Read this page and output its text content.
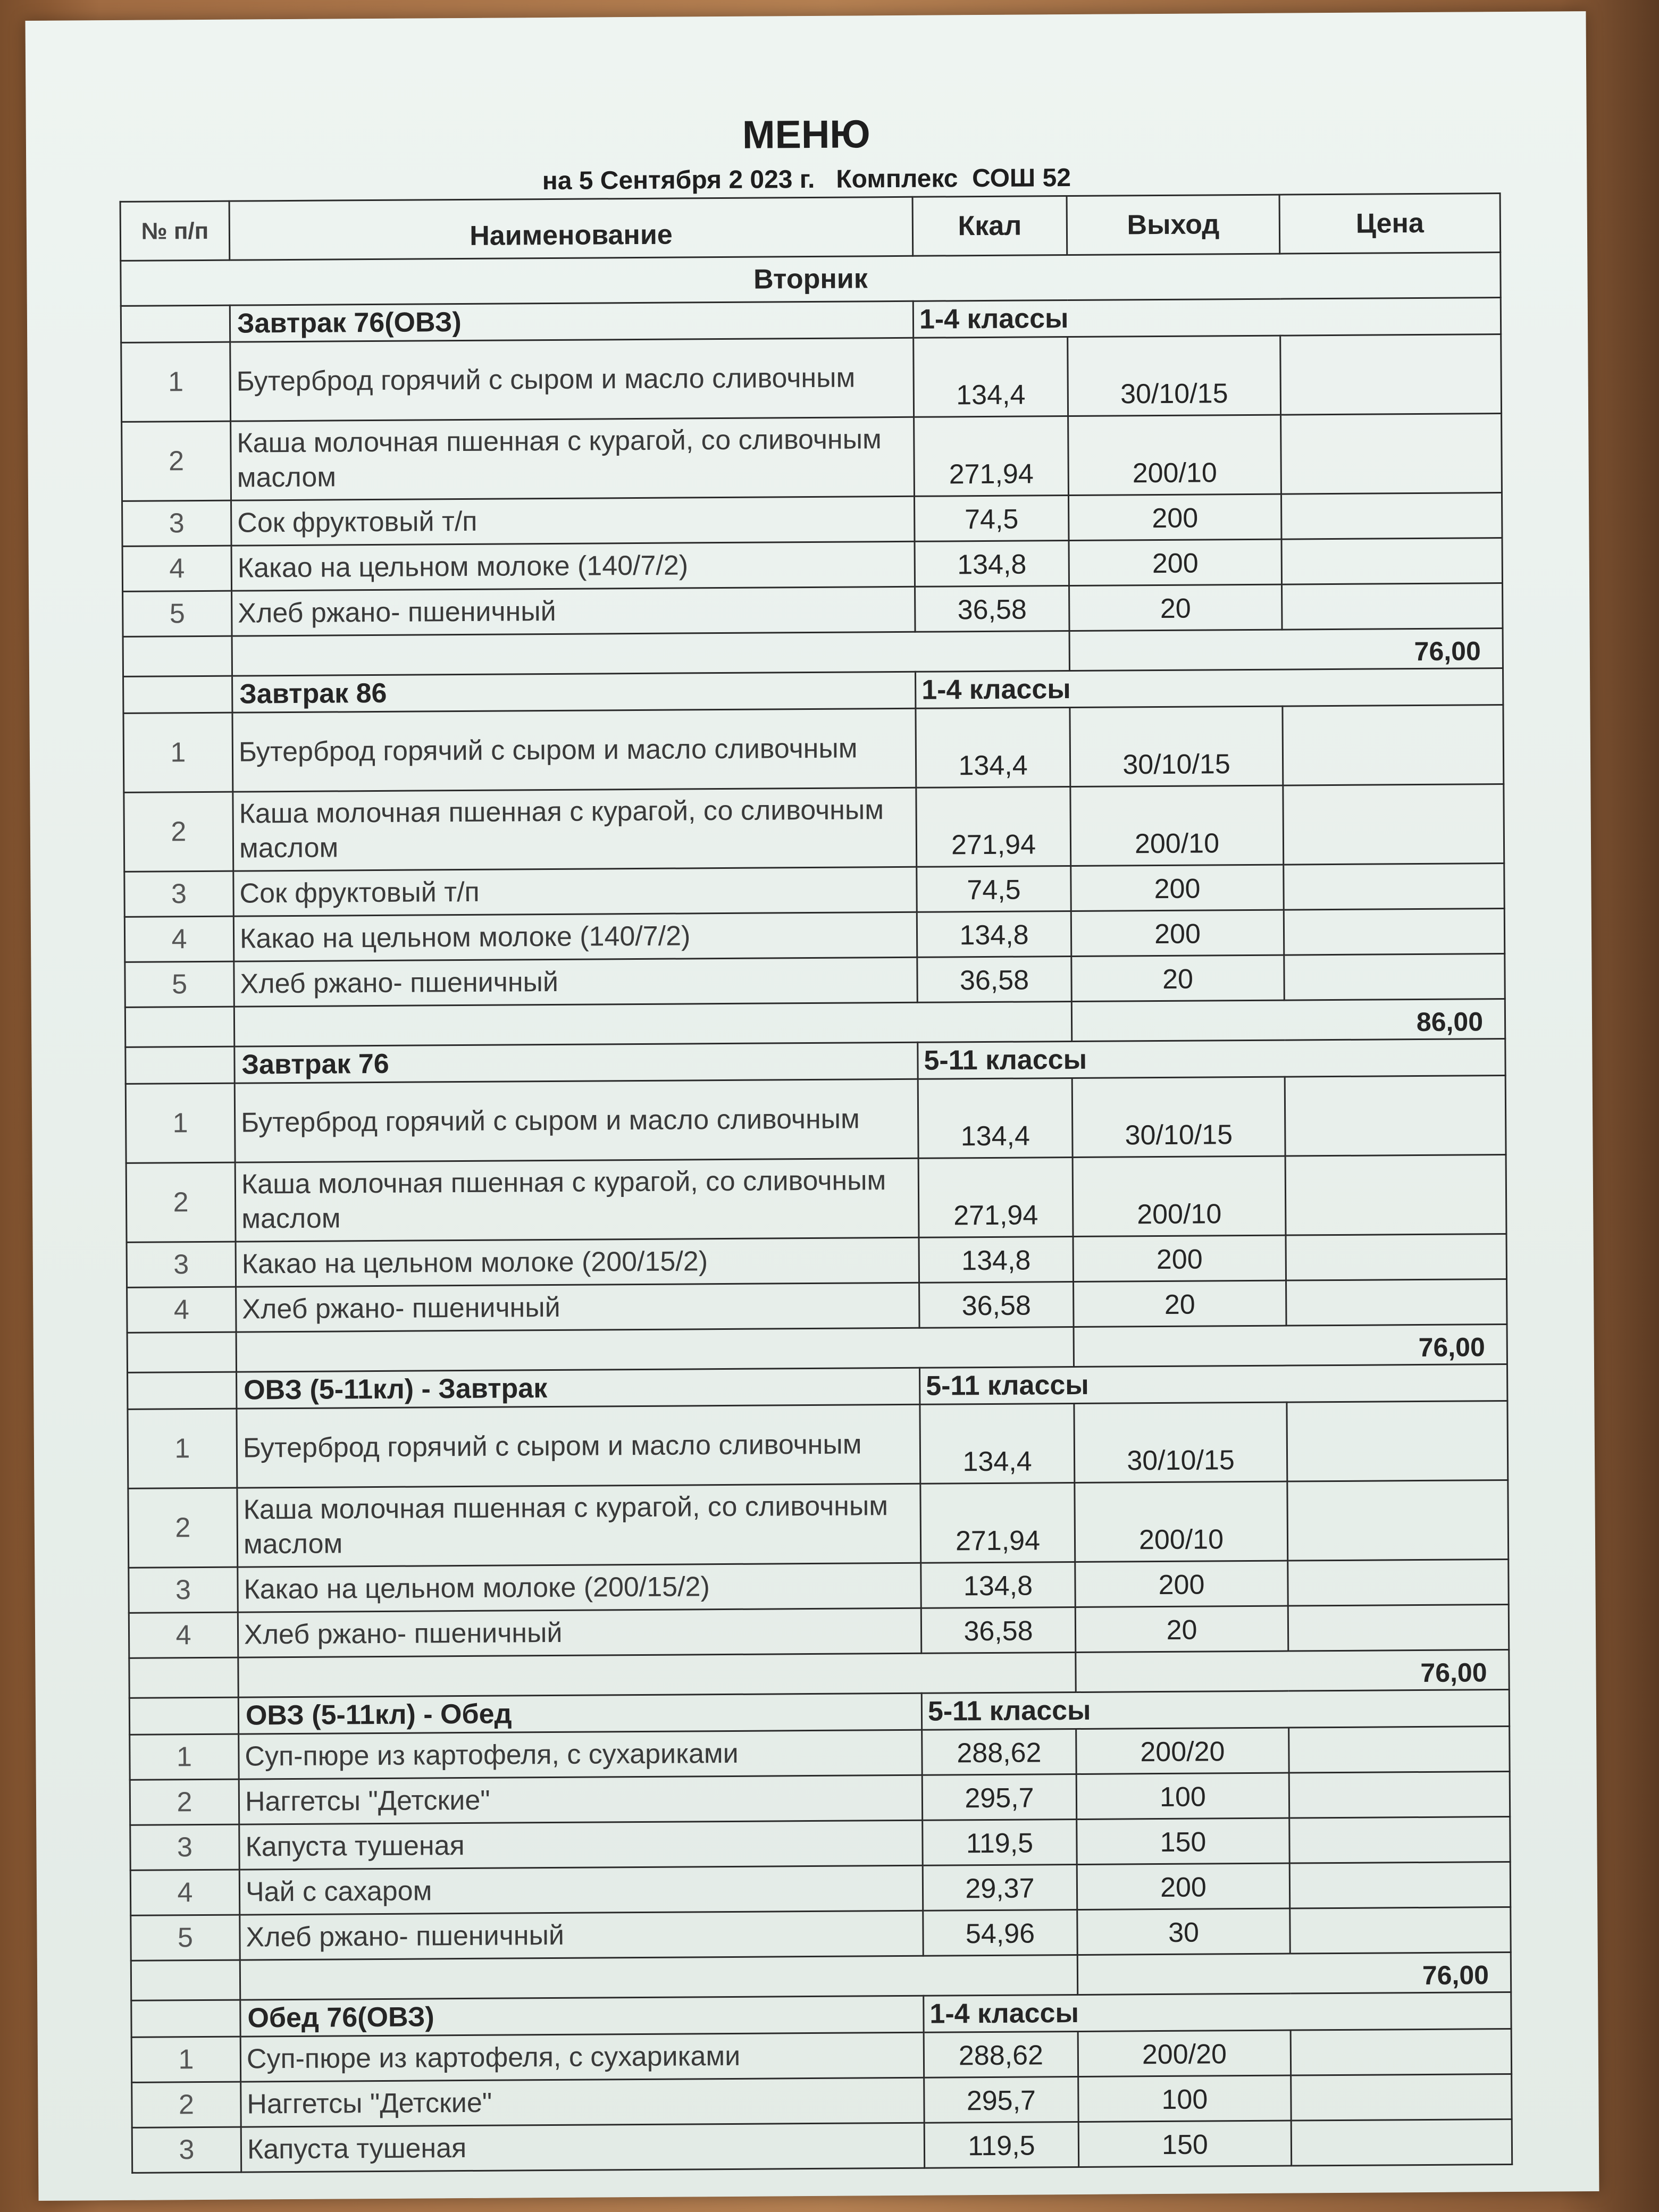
МЕНЮ
на 5 Сентября 2 023 г.   Комплекс  СОШ 52
№ п/п	Наименование	Ккал	Выход	Цена
Вторник				
	Завтрак 76(ОВЗ)	1-4 классы		
1	Бутерброд горячий с сыром и масло сливочным	134,4	30/10/15	
2	Каша молочная пшенная с курагой, со сливочным маслом	271,94	200/10	
3	Сок фруктовый т/п	74,5	200	
4	Какао на цельном молоке (140/7/2)	134,8	200	
5	Хлеб ржано- пшеничный	36,58	20	
			76,00	
	Завтрак 86	1-4 классы		
1	Бутерброд горячий с сыром и масло сливочным	134,4	30/10/15	
2	Каша молочная пшенная с курагой, со сливочным маслом	271,94	200/10	
3	Сок фруктовый т/п	74,5	200	
4	Какао на цельном молоке (140/7/2)	134,8	200	
5	Хлеб ржано- пшеничный	36,58	20	
			86,00	
	Завтрак 76	5-11 классы		
1	Бутерброд горячий с сыром и масло сливочным	134,4	30/10/15	
2	Каша молочная пшенная с курагой, со сливочным маслом	271,94	200/10	
3	Какао на цельном молоке (200/15/2)	134,8	200	
4	Хлеб ржано- пшеничный	36,58	20	
			76,00	
	ОВЗ (5-11кл) - Завтрак	5-11 классы		
1	Бутерброд горячий с сыром и масло сливочным	134,4	30/10/15	
2	Каша молочная пшенная с курагой, со сливочным маслом	271,94	200/10	
3	Какао на цельном молоке (200/15/2)	134,8	200	
4	Хлеб ржано- пшеничный	36,58	20	
			76,00	
	ОВЗ (5-11кл) - Обед	5-11 классы		
1	Суп-пюре из картофеля, с сухариками	288,62	200/20	
2	Наггетсы "Детские"	295,7	100	
3	Капуста тушеная	119,5	150	
4	Чай с сахаром	29,37	200	
5	Хлеб ржано- пшеничный	54,96	30	
			76,00	
	Обед 76(ОВЗ)	1-4 классы		
1	Суп-пюре из картофеля, с сухариками	288,62	200/20	
2	Наггетсы "Детские"	295,7	100	
3	Капуста тушеная	119,5	150	
